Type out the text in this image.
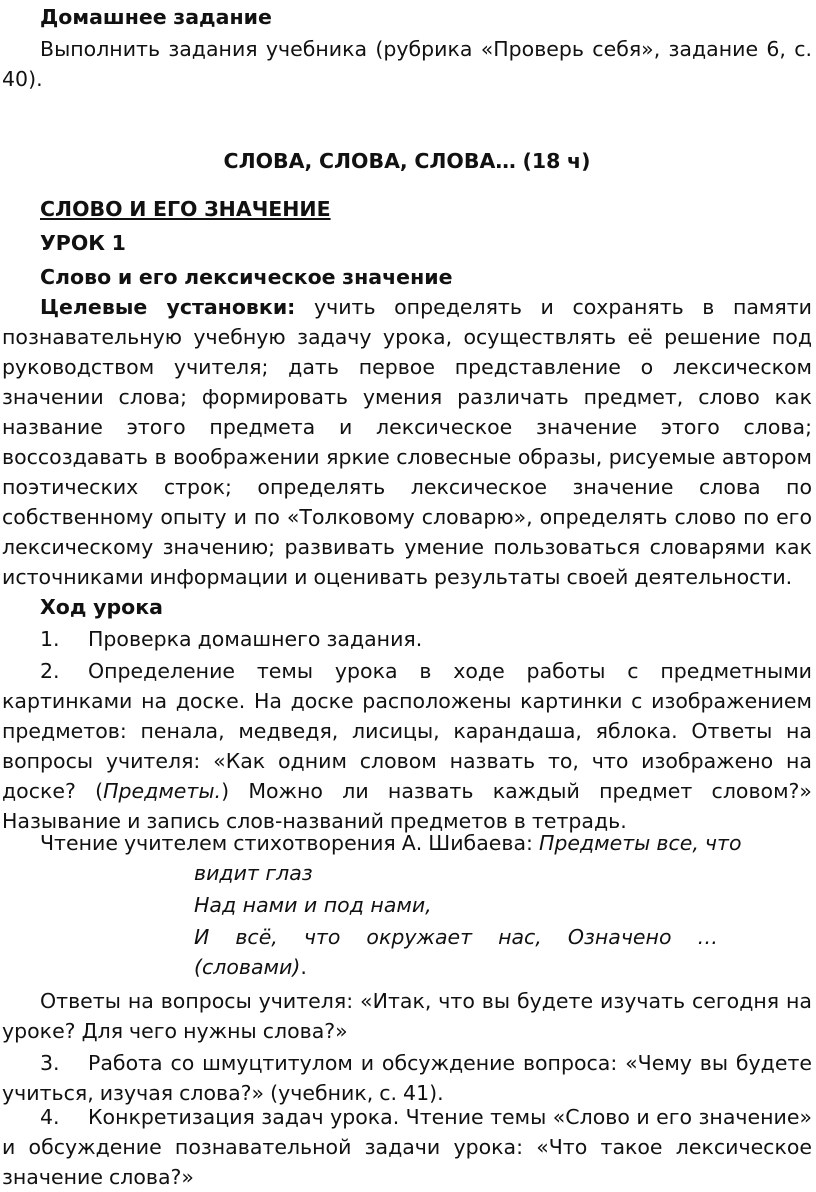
Домашнее задание

Выполнить задания учебника (рубрика «Проверь себя», задание 6, с. 40).

СЛОВА, СЛОВА, СЛОВА… (18 ч)

СЛОВО И ЕГО ЗНАЧЕНИЕ

УРОК 1

Слово и его лексическое значение

Целевые установки: учить определять и сохранять в памяти познавательную учебную задачу урока, осуществлять её решение под руководством учителя; дать первое представление о лексическом значении слова; формировать умения различать предмет, слово как название этого предмета и лексическое значение этого слова; воссоздавать в воображении яркие словесные образы, рисуемые автором поэтических строк; определять лексическое значение слова по собственному опыту и по «Толковому словарю», определять слово по его лексическому значению; развивать умение пользоваться словарями как источниками информации и оценивать результаты своей деятельности.

Ход урока

1. Проверка домашнего задания.

2. Определение темы урока в ходе работы с предметными картинками на доске. На доске расположены картинки с изображением предметов: пенала, медведя, лисицы, карандаша, яблока. Ответы на вопросы учителя: «Как одним словом назвать то, что изображено на доске? (Предметы.) Можно ли назвать каждый предмет словом?» Называние и запись слов-названий предметов в тетрадь.

Чтение учителем стихотворения А. Шибаева: Предметы все, что

видит глаз

Над нами и под нами,

И всё, что окружает нас, Означено … (словами).

Ответы на вопросы учителя: «Итак, что вы будете изучать сегодня на уроке? Для чего нужны слова?»

3. Работа со шмуцтитулом и обсуждение вопроса: «Чему вы будете учиться, изучая слова?» (учебник, с. 41).

4. Конкретизация задач урока. Чтение темы «Слово и его значение» и обсуждение познавательной задачи урока: «Что такое лексическое значение слова?»
